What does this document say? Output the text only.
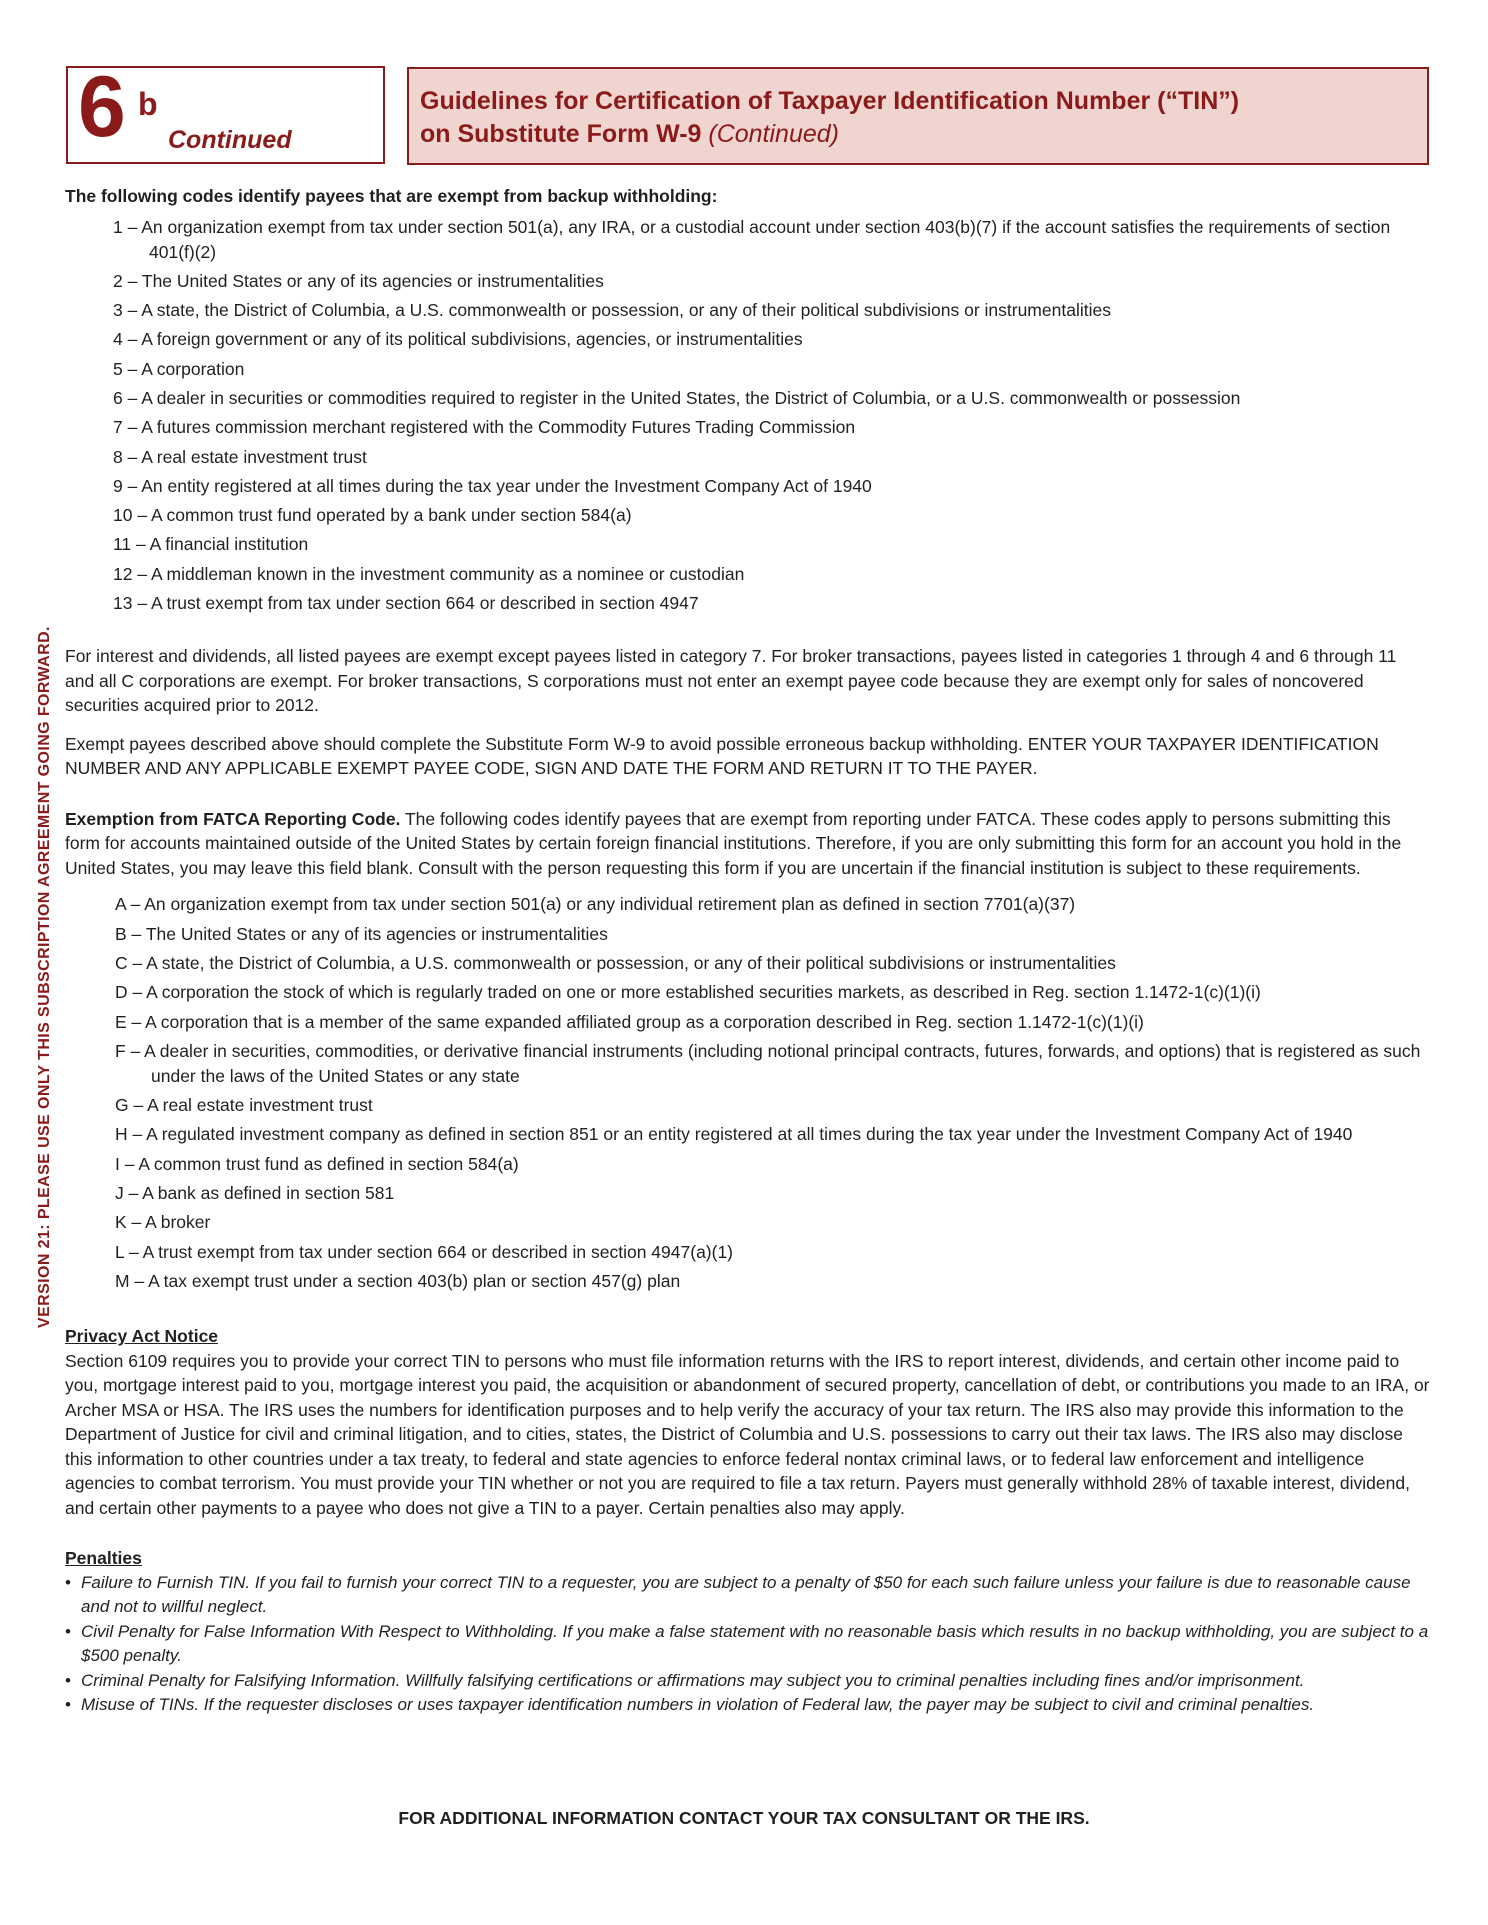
6 b
Continued
Guidelines for Certification of Taxpayer Identification Number (“TIN”)
on Substitute Form W-9 (Continued)
VERSION 21: PLEASE USE ONLY THIS SUBSCRIPTION AGREEMENT GOING FORWARD.

The following codes identify payees that are exempt from backup withholding:

1 – An organization exempt from tax under section 501(a), any IRA, or a custodial account under section 403(b)(7) if the account satisfies the requirements of section 401(f)(2)
2 – The United States or any of its agencies or instrumentalities
3 – A state, the District of Columbia, a U.S. commonwealth or possession, or any of their political subdivisions or instrumentalities
4 – A foreign government or any of its political subdivisions, agencies, or instrumentalities
5 – A corporation
6 – A dealer in securities or commodities required to register in the United States, the District of Columbia, or a U.S. commonwealth or possession
7 – A futures commission merchant registered with the Commodity Futures Trading Commission
8 – A real estate investment trust
9 – An entity registered at all times during the tax year under the Investment Company Act of 1940
10 – A common trust fund operated by a bank under section 584(a)
11 – A financial institution
12 – A middleman known in the investment community as a nominee or custodian
13 – A trust exempt from tax under section 664 or described in section 4947

For interest and dividends, all listed payees are exempt except payees listed in category 7. For broker transactions, payees listed in categories 1 through 4 and 6 through 11 and all C corporations are exempt. For broker transactions, S corporations must not enter an exempt payee code because they are exempt only for sales of noncovered securities acquired prior to 2012.

Exempt payees described above should complete the Substitute Form W-9 to avoid possible erroneous backup withholding. ENTER YOUR TAXPAYER IDENTIFICATION NUMBER AND ANY APPLICABLE EXEMPT PAYEE CODE, SIGN AND DATE THE FORM AND RETURN IT TO THE PAYER.

Exemption from FATCA Reporting Code. The following codes identify payees that are exempt from reporting under FATCA. These codes apply to persons submitting this form for accounts maintained outside of the United States by certain foreign financial institutions. Therefore, if you are only submitting this form for an account you hold in the United States, you may leave this field blank. Consult with the person requesting this form if you are uncertain if the financial institution is subject to these requirements.

A – An organization exempt from tax under section 501(a) or any individual retirement plan as defined in section 7701(a)(37)
B – The United States or any of its agencies or instrumentalities
C – A state, the District of Columbia, a U.S. commonwealth or possession, or any of their political subdivisions or instrumentalities
D – A corporation the stock of which is regularly traded on one or more established securities markets, as described in Reg. section 1.1472-1(c)(1)(i)
E – A corporation that is a member of the same expanded affiliated group as a corporation described in Reg. section 1.1472-1(c)(1)(i)
F – A dealer in securities, commodities, or derivative financial instruments (including notional principal contracts, futures, forwards, and options) that is registered as such under the laws of the United States or any state
G – A real estate investment trust
H – A regulated investment company as defined in section 851 or an entity registered at all times during the tax year under the Investment Company Act of 1940
I – A common trust fund as defined in section 584(a)
J – A bank as defined in section 581
K – A broker
L – A trust exempt from tax under section 664 or described in section 4947(a)(1)
M – A tax exempt trust under a section 403(b) plan or section 457(g) plan

Privacy Act Notice

Section 6109 requires you to provide your correct TIN to persons who must file information returns with the IRS to report interest, dividends, and certain other income paid to you, mortgage interest paid to you, mortgage interest you paid, the acquisition or abandonment of secured property, cancellation of debt, or contributions you made to an IRA, or Archer MSA or HSA. The IRS uses the numbers for identification purposes and to help verify the accuracy of your tax return. The IRS also may provide this information to the Department of Justice for civil and criminal litigation, and to cities, states, the District of Columbia and U.S. possessions to carry out their tax laws. The IRS also may disclose this information to other countries under a tax treaty, to federal and state agencies to enforce federal nontax criminal laws, or to federal law enforcement and intelligence agencies to combat terrorism. You must provide your TIN whether or not you are required to file a tax return. Payers must generally withhold 28% of taxable interest, dividend, and certain other payments to a payee who does not give a TIN to a payer. Certain penalties also may apply.

Penalties

• Failure to Furnish TIN. If you fail to furnish your correct TIN to a requester, you are subject to a penalty of $50 for each such failure unless your failure is due to reasonable cause and not to willful neglect.
• Civil Penalty for False Information With Respect to Withholding. If you make a false statement with no reasonable basis which results in no backup withholding, you are subject to a $500 penalty.
• Criminal Penalty for Falsifying Information. Willfully falsifying certifications or affirmations may subject you to criminal penalties including fines and/or imprisonment.
• Misuse of TINs. If the requester discloses or uses taxpayer identification numbers in violation of Federal law, the payer may be subject to civil and criminal penalties.
FOR ADDITIONAL INFORMATION CONTACT YOUR TAX CONSULTANT OR THE IRS.
